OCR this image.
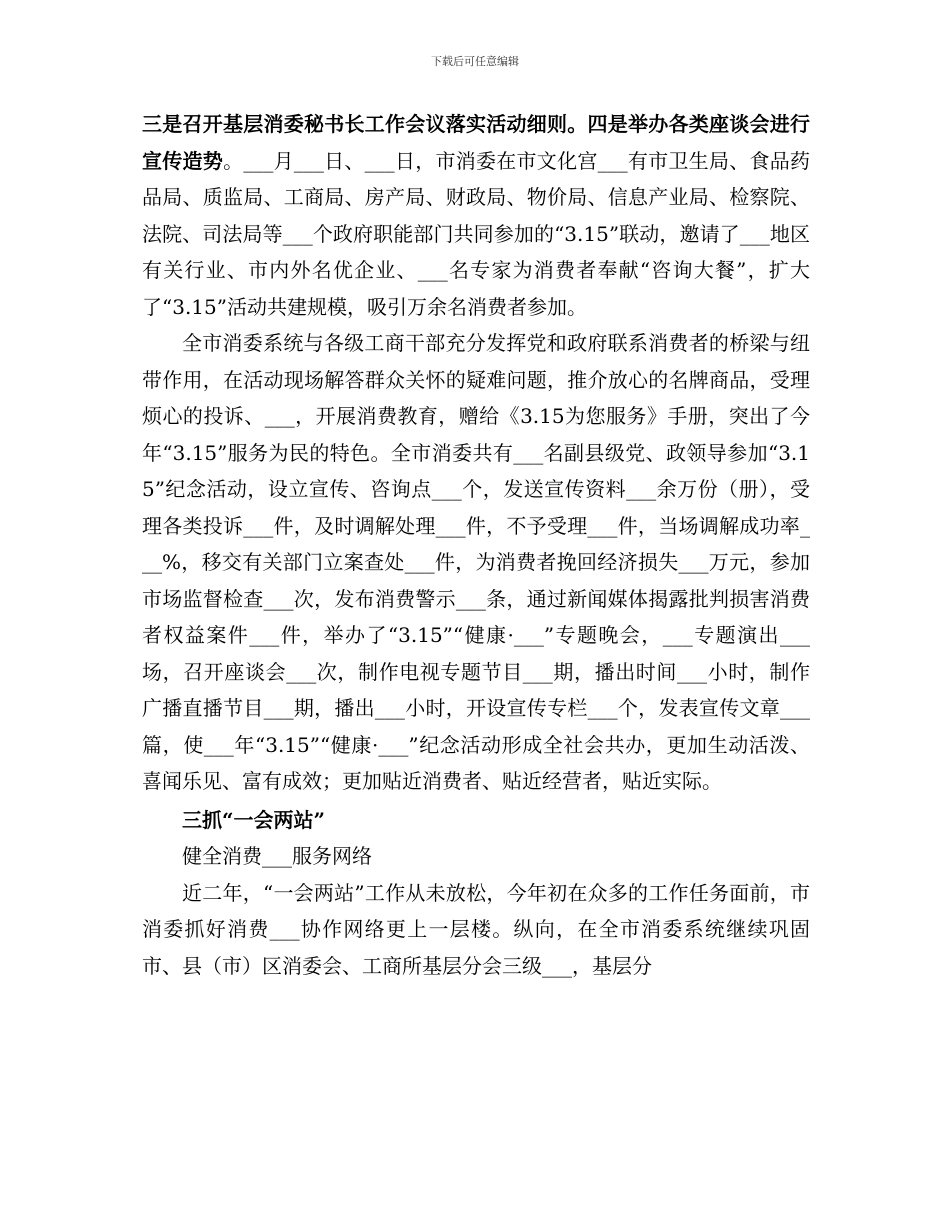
下载后可任意编辑

三是召开基层消委秘书长工作会议落实活动细则。四是举办各类座谈会进行宣传造势。___月___日、___日，市消委在市文化宫___有市卫生局、食品药品局、质监局、工商局、房产局、财政局、物价局、信息产业局、检察院、法院、司法局等___个政府职能部门共同参加的“3.15”联动，邀请了___地区有关行业、市内外名优企业、___名专家为消费者奉献“咨询大餐”，扩大了“3.15”活动共建规模，吸引万余名消费者参加。

全市消委系统与各级工商干部充分发挥党和政府联系消费者的桥梁与纽带作用，在活动现场解答群众关怀的疑难问题，推介放心的名牌商品，受理烦心的投诉、___，开展消费教育，赠给《3.15为您服务》手册，突出了今年“3.15”服务为民的特色。全市消委共有___名副县级党、政领导参加“3.15”纪念活动，设立宣传、咨询点___个，发送宣传资料___余万份（册），受理各类投诉___件，及时调解处理___件，不予受理___件，当场调解成功率___%，移交有关部门立案查处___件，为消费者挽回经济损失___万元，参加市场监督检查___次，发布消费警示___条，通过新闻媒体揭露批判损害消费者权益案件___件，举办了“3.15”“健康·___”专题晚会，___专题演出___场，召开座谈会___次，制作电视专题节目___期，播出时间___小时，制作广播直播节目___期，播出___小时，开设宣传专栏___个，发表宣传文章___篇，使___年“3.15”“健康·___”纪念活动形成全社会共办，更加生动活泼、喜闻乐见、富有成效；更加贴近消费者、贴近经营者，贴近实际。

三抓“一会两站”

健全消费___服务网络

近二年，“一会两站”工作从未放松，今年初在众多的工作任务面前，市消委抓好消费___协作网络更上一层楼。纵向，在全市消委系统继续巩固市、县（市）区消委会、工商所基层分会三级___，基层分
